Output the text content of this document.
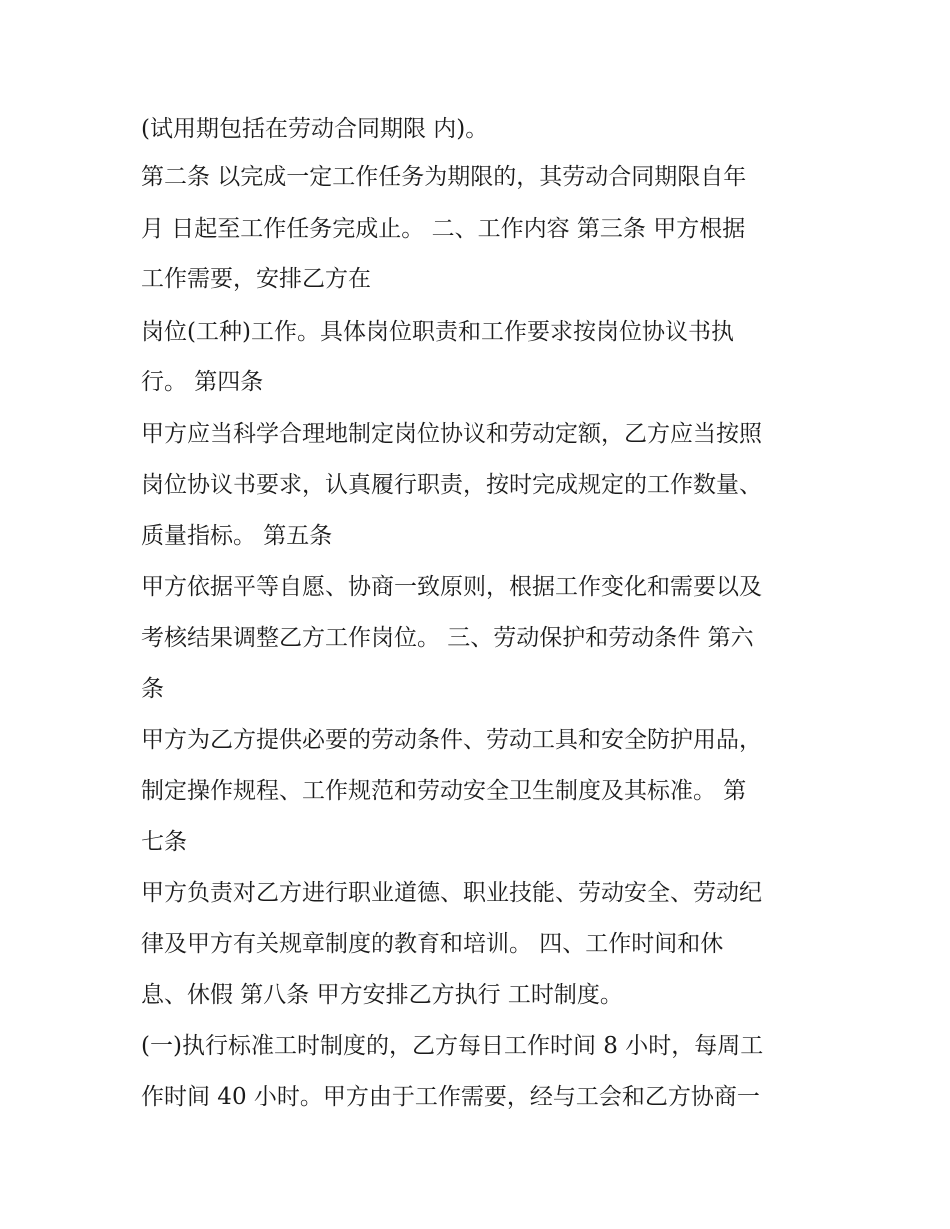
(试用期包括在劳动合同期限 内)。
第二条 以完成一定工作任务为期限的，其劳动合同期限自年
月 日起至工作任务完成止。 二、工作内容 第三条 甲方根据
工作需要，安排乙方在
岗位(工种)工作。具体岗位职责和工作要求按岗位协议书执
行。 第四条
甲方应当科学合理地制定岗位协议和劳动定额，乙方应当按照
岗位协议书要求，认真履行职责，按时完成规定的工作数量、
质量指标。 第五条
甲方依据平等自愿、协商一致原则，根据工作变化和需要以及
考核结果调整乙方工作岗位。 三、劳动保护和劳动条件 第六
条
甲方为乙方提供必要的劳动条件、劳动工具和安全防护用品，
制定操作规程、工作规范和劳动安全卫生制度及其标准。 第
七条
甲方负责对乙方进行职业道德、职业技能、劳动安全、劳动纪
律及甲方有关规章制度的教育和培训。 四、工作时间和休
息、休假 第八条 甲方安排乙方执行 工时制度。
(一)执行标准工时制度的，乙方每日工作时间 8 小时，每周工
作时间 40 小时。甲方由于工作需要，经与工会和乙方协商一
